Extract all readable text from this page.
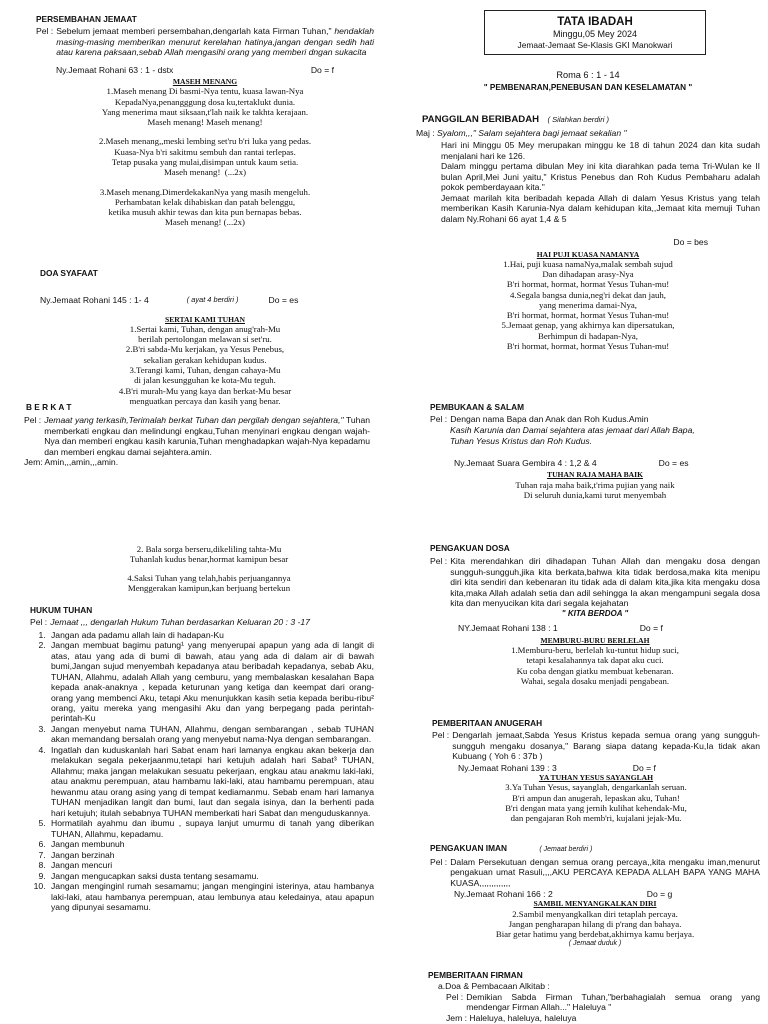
PERSEMBAHAN JEMAAT
Pel : Sebelum jemaat memberi persembahan,dengarlah kata Firman Tuhan," hendaklah masing-masing memberikan menurut kerelahan hatinya,jangan dengan sedih hati atau karena paksaan,sebab Allah mengasihi orang yang memberi dngan sukacita
Ny.Jemaat Rohani 63 : 1 - dstx	Do = f
MASEH MENANG

1.Maseh menang Di basmi-Nya tentu, kuasa lawan-Nya
KepadaNya,penangggung dosa ku,tertaklukt dunia.
Yang menerima maut siksaan,t'lah naik ke takhta kerajaan.
Maseh menang! Maseh menang!

2.Maseh menang,,meski lembing set'ru b'ri luka yang pedas.
Kuasa-Nya b'ri sakitmu sembuh dan rantai terlepas.
Tetap pusaka yang mulai,disimpan untuk kaum setia.
Maseh menang!  (...2x)

3.Maseh menang.DimerdekakanNya yang masih mengeluh.
Perhambatan kelak dihabiskan dan patah belenggu,
ketika musuh akhir tewas dan kita pun bernapas bebas.
Maseh menang! (...2x)

DOA SYAFAAT
Ny.Jemaat Rohani 145 : 1- 4	( ayat 4 berdiri )	Do = es
SERTAI KAMI TUHAN

1.Sertai kami, Tuhan, dengan anug'rah-Mu
berilah pertolongan melawan si set'ru.

2.B'ri sabda-Mu kerjakan, ya Yesus Penebus,
sekalian gerakan kehidupan kudus.

3.Terangi kami, Tuhan, dengan cahaya-Mu
di jalan kesungguhan ke kota-Mu teguh.

4.B'ri murah-Mu yang kaya dan berkat-Mu besar
menguatkan percaya dan kasih yang benar.

B E R K A T
Pel : Jemaat yang terkasih,Terimalah berkat Tuhan dan pergilah dengan sejahtera," Tuhan memberkati engkau dan melindungi engkau,Tuhan menyinari engkau dengan wajah-Nya dan memberi engkau kasih karunia,Tuhan menghadapkan wajah-Nya kepadamu dan memberi engkau damai sejahtera.amin.
Jem: Amin,,,amin,,,amin.

2. Bala sorga berseru,dikeliling tahta-Mu
Tuhanlah kudus benar,hormat kamipun besar

4.Saksi Tuhan yang telah,habis perjuangannya
Menggerakan kamipun,kan berjuang bertekun

HUKUM TUHAN
Pel : Jemaat ,,, dengarlah Hukum Tuhan berdasarkan Keluaran 20 : 3 -17
1. Jangan ada padamu allah lain di hadapan-Ku
2. Jangan membuat bagimu patung¹ yang menyerupai apapun yang ada di langit di atas, atau yang ada di bumi di bawah, atau yang ada di dalam air di bawah bumi,Jangan sujud menyembah kepadanya atau beribadah kepadanya, sebab Aku, TUHAN, Allahmu, adalah Allah yang cemburu, yang membalaskan kesalahan Bapa kepada anak-anaknya , kepada keturunan yang ketiga dan keempat dari orang-orang yang membenci Aku, tetapi Aku menunjukkan kasih setia kepada beribu-ribu² orang, yaitu mereka yang mengasihi Aku dan yang berpegang pada perintah-perintah-Ku
3. Jangan menyebut nama TUHAN, Allahmu, dengan sembarangan , sebab TUHAN akan memandang bersalah orang yang menyebut nama-Nya dengan sembarangan.
4. Ingatlah dan kuduskanlah hari Sabat enam hari lamanya engkau akan bekerja dan melakukan segala pekerjaanmu,tetapi hari ketujuh adalah hari Sabat³ TUHAN, Allahmu; maka jangan melakukan sesuatu pekerjaan, engkau atau anakmu laki-laki, atau anakmu perempuan, atau hambamu laki-laki, atau hambamu perempuan, atau hewanmu atau orang asing yang di tempat kediamanmu. Sebab enam hari lamanya TUHAN menjadikan langit dan bumi, laut dan segala isinya, dan Ia berhenti pada hari ketujuh; itulah sebabnya TUHAN memberkati hari Sabat dan menguduskannya.
5. Hormatilah ayahmu dan ibumu , supaya lanjut umurmu di tanah yang diberikan TUHAN, Allahmu, kepadamu.
6. Jangan membunuh
7. Jangan berzinah
8. Jangan mencuri
9. Jangan mengucapkan saksi dusta tentang sesamamu.
10. Jangan menginginl rumah sesamamu; jangan mengingini isterinya, atau hambanya laki-laki, atau hambanya perempuan, atau lembunya atau keledainya, atau apapun yang dipunyai sesamamu.
TATA IBADAH
Minggu,05 Mey 2024
Jemaat-Jemaat Se-Klasis GKI Manokwari
Roma 6 : 1 - 14
" PEMBENARAN,PENEBUSAN DAN KESELAMATAN "
PANGGILAN BERIBADAH ( Silahkan berdiri )
Maj : Syalom,,," Salam sejahtera bagi jemaat sekalian "
Hari ini Minggu 05 Mey merupakan minggu ke 18 di tahun 2024 dan kita sudah menjalani hari ke 126.
Dalam minggu pertama dibulan Mey ini kita diarahkan pada tema Tri-Wulan ke II bulan April,Mei Juni yaitu," Kristus Penebus dan Roh Kudus Pembaharu adalah pokok pemberdayaan kita."
Jemaat marilah kita beribadah kepada Allah di dalam Yesus Kristus yang telah memberikan Kasih Karunia-Nya dalam kehidupan kita,,Jemaat kita memuji Tuhan dalam Ny.Rohani 66 ayat 1,4 & 5
Do = bes
HAI PUJI KUASA NAMANYA

1.Hai, puji kuasa namaNya,malak sembah sujud
Dan dihadapan arasy-Nya
B'ri hormat, hormat, hormat Yesus Tuhan-mu!

4.Segala bangsa dunia,neg'ri dekat dan jauh,
yang menerima damai-Nya,
B'ri hormat, hormat, hormat Yesus Tuhan-mu!

5.Jemaat genap, yang akhirnya kan dipersatukan,
Berhimpun di hadapan-Nya,
B'ri hormat, hormat, hormat Yesus Tuhan-mu!

PEMBUKAAN & SALAM
Pel : Dengan nama Bapa dan Anak dan Roh Kudus.Amin

Kasih Karunia dan Damai sejahtera atas jemaat dari Allah Bapa,
Tuhan Yesus Kristus dan Roh Kudus.

Ny.Jemaat Suara Gembira 4 : 1,2 & 4	Do = es
TUHAN RAJA MAHA BAIK

Tuhan raja maha baik,t'rima pujian yang naik
Di seluruh dunia,kami turut menyembah

PENGAKUAN DOSA
Pel : Kita merendahkan diri dihadapan Tuhan Allah dan mengaku dosa dengan sungguh-sungguh,jika kita berkata,bahwa kita tidak berdosa,maka kita menipu diri kita sendiri dan kebenaran itu tidak ada di dalam kita,jika kita mengaku dosa kita,maka Allah adalah setia dan adil sehingga Ia akan mengampuni segala dosa kita dan menyucikan kita dari segala kejahatan
" KITA BERDOA "
NY.Jemaat Rohani 138 : 1	Do = f
MEMBURU-BURU BERLELAH

1.Memburu-beru, berlelah ku-tuntut hidup suci,
tetapi kesalahannya tak dapat aku cuci.
Ku coba dengan giatku membuat kebenaran.
Wahai, segala dosaku menjadi pengabean.

PEMBERITAAN ANUGERAH
Pel : Dengarlah jemaat,Sabda Yesus Kristus kepada semua orang yang sungguh-sungguh mengaku dosanya," Barang siapa datang kepada-Ku,Ia tidak akan Kubuang ( Yoh 6 : 37b )
Ny.Jemaat Rohani 139 : 3	Do = f
YA TUHAN YESUS SAYANGLAH

3.Ya Tuhan Yesus, sayanglah, dengarkanlah seruan.
B'ri ampun dan anugerah, lepaskan aku, Tuhan!
B'ri dengan mata yang jernih kulihat kehendak-Mu,
dan pengajaran Roh memb'ri, kujalani jejak-Mu.

PENGAKUAN IMAN	( Jemaat berdiri )
Pel : Dalam Persekutuan dengan semua orang percaya,,kita mengaku iman,menurut pengakuan umat Rasuli,,,,AKU PERCAYA KEPADA ALLAH BAPA YANG MAHA KUASA,,,,,,,,,,,,,
Ny.Jemaat Rohani 166 : 2	Do = g
SAMBIL MENYANGKALKAN DIRI

2.Sambil menyangkalkan diri tetaplah percaya.
Jangan pengharapan hilang di p'rang dan bahaya.
Biar getar hatimu yang berdebat,akhirnya kamu berjaya.

( Jemaat duduk )
PEMBERITAAN FIRMAN
a.Doa & Pembacaan Alkitab :
Pel : Demikian Sabda Firman Tuhan,"berbahagialah semua orang yang mendengar Firman Allah..." Haleluya "
Jem : Haleluya, haleluya, haleluya
